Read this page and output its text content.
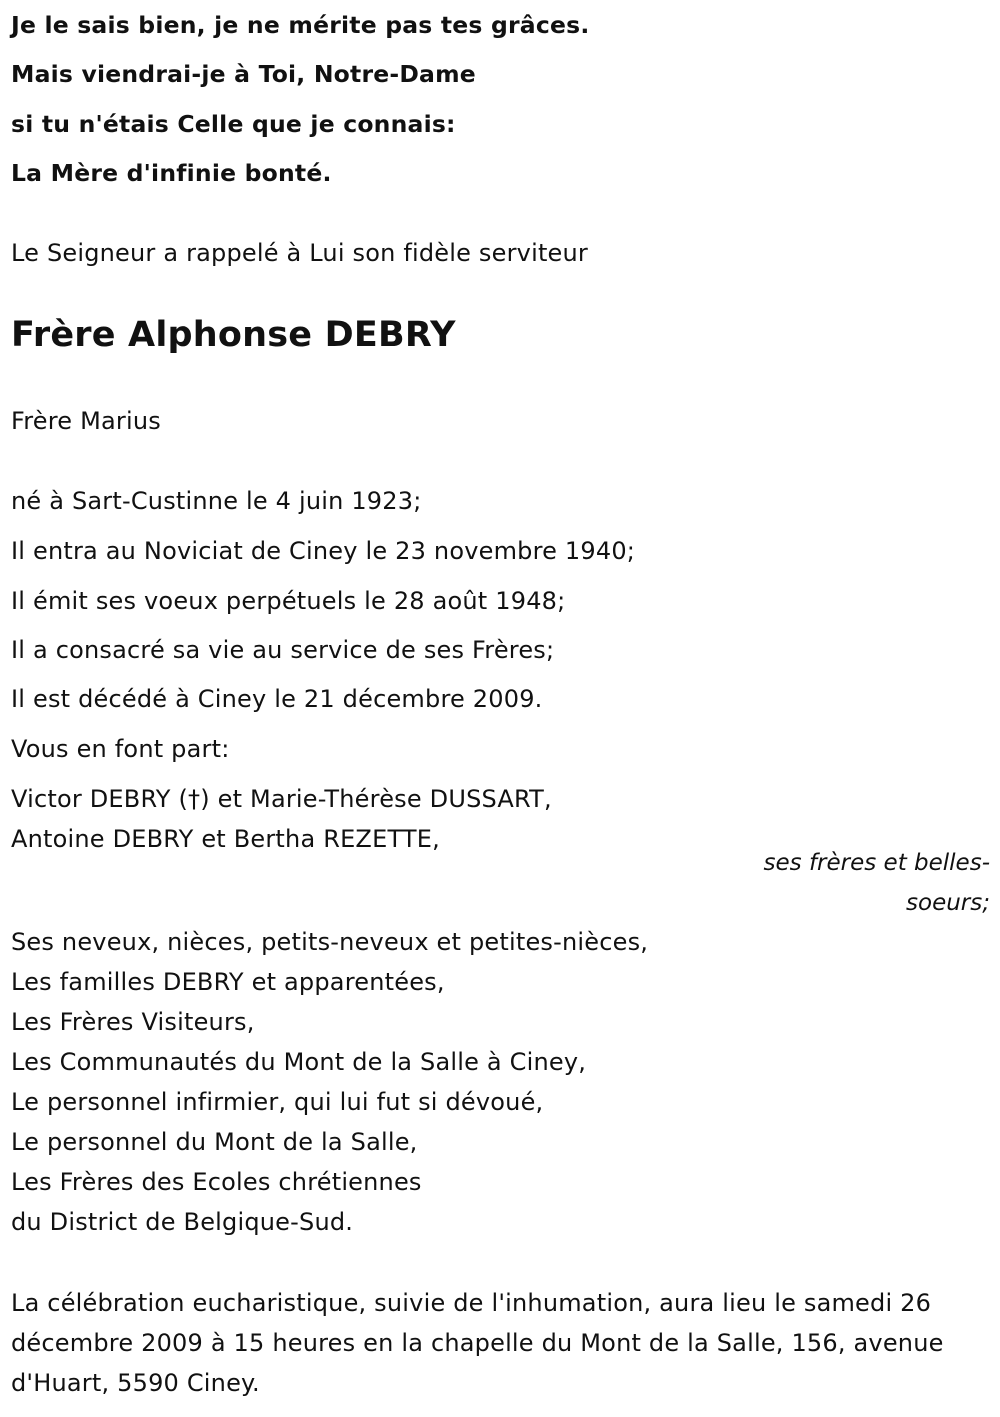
Je le sais bien, je ne mérite pas tes grâces.
Mais viendrai-je à Toi, Notre-Dame
si tu n'étais Celle que je connais:
La Mère d'infinie bonté.
Le Seigneur a rappelé à Lui son fidèle serviteur
Frère Alphonse DEBRY
Frère Marius
né à Sart-Custinne le 4 juin 1923;
Il entra au Noviciat de Ciney le 23 novembre 1940;
Il émit ses voeux perpétuels le 28 août 1948;
Il a consacré sa vie au service de ses Frères;
Il est décédé à Ciney le 21 décembre 2009.
Vous en font part:
Victor DEBRY (†) et Marie-Thérèse DUSSART,
Antoine DEBRY et Bertha REZETTE,
ses frères et belles-soeurs;
Ses neveux, nièces, petits-neveux et petites-nièces,
Les familles DEBRY et apparentées,
Les Frères Visiteurs,
Les Communautés du Mont de la Salle à Ciney,
Le personnel infirmier, qui lui fut si dévoué,
Le personnel du Mont de la Salle,
Les Frères des Ecoles chrétiennes
du District de Belgique-Sud.
La célébration eucharistique, suivie de l'inhumation, aura lieu le samedi 26 décembre 2009 à 15 heures en la chapelle du Mont de la Salle, 156, avenue d'Huart, 5590 Ciney.
